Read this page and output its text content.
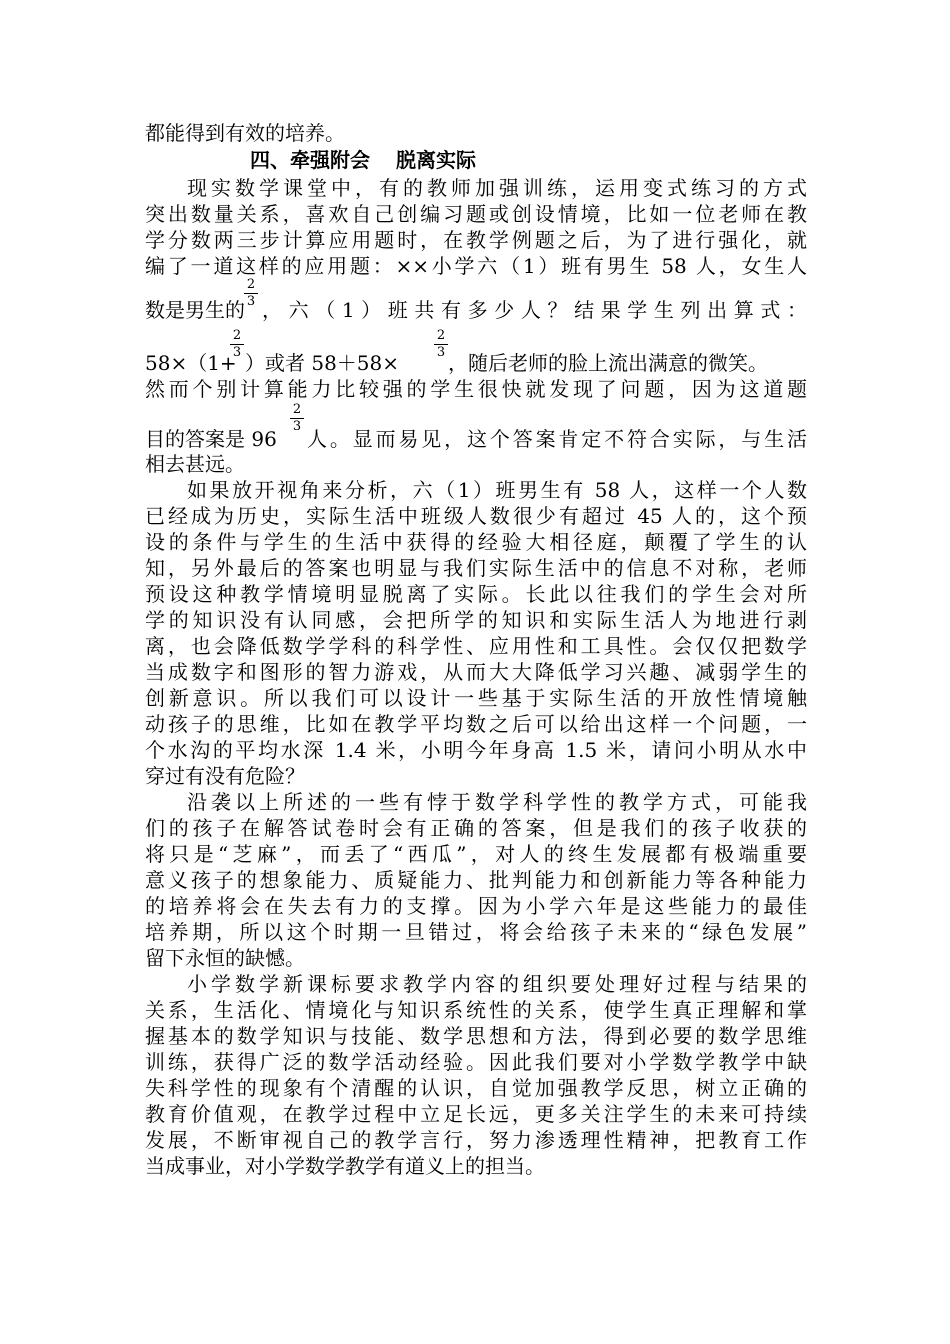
都能得到有效的培养。
四、牵强附会 脱离实际
现实数学课堂中，有的教师加强训练，运用变式练习的方式
突出数量关系，喜欢自己创编习题或创设情境，比如一位老师在教
学分数两三步计算应用题时，在教学例题之后，为了进行强化，就
编了一道这样的应用题：××小学六（1）班有男生 58 人，女生人
数是男生的
$\frac{2}{3}$
，六（1）班共有多少人？结果学生列出算式：
58×（1+
$\frac{2}{3}$
）或者 58＋58×
$\frac{2}{3}$
，随后老师的脸上流出满意的微笑。
然而个别计算能力比较强的学生很快就发现了问题，因为这道题
目的答案是 96
$\frac{2}{3}$
人。显而易见，这个答案肯定不符合实际，与生活
相去甚远。
如果放开视角来分析，六（1）班男生有 58 人，这样一个人数
已经成为历史，实际生活中班级人数很少有超过 45 人的，这个预
设的条件与学生的生活中获得的经验大相径庭，颠覆了学生的认
知，另外最后的答案也明显与我们实际生活中的信息不对称，老师
预设这种教学情境明显脱离了实际。长此以往我们的学生会对所
学的知识没有认同感，会把所学的知识和实际生活人为地进行剥
离，也会降低数学学科的科学性、应用性和工具性。会仅仅把数学
当成数字和图形的智力游戏，从而大大降低学习兴趣、减弱学生的
创新意识。所以我们可以设计一些基于实际生活的开放性情境触
动孩子的思维，比如在教学平均数之后可以给出这样一个问题，一
个水沟的平均水深 1.4 米，小明今年身高 1.5 米，请问小明从水中
穿过有没有危险？
沿袭以上所述的一些有悖于数学科学性的教学方式，可能我
们的孩子在解答试卷时会有正确的答案，但是我们的孩子收获的
将只是“芝麻”，而丢了“西瓜”，对人的终生发展都有极端重要
意义孩子的想象能力、质疑能力、批判能力和创新能力等各种能力
的培养将会在失去有力的支撑。因为小学六年是这些能力的最佳
培养期，所以这个时期一旦错过，将会给孩子未来的“绿色发展”
留下永恒的缺憾。
小学数学新课标要求教学内容的组织要处理好过程与结果的
关系，生活化、情境化与知识系统性的关系，使学生真正理解和掌
握基本的数学知识与技能、数学思想和方法，得到必要的数学思维
训练，获得广泛的数学活动经验。因此我们要对小学数学教学中缺
失科学性的现象有个清醒的认识，自觉加强教学反思，树立正确的
教育价值观，在教学过程中立足长远，更多关注学生的未来可持续
发展，不断审视自己的教学言行，努力渗透理性精神，把教育工作
当成事业，对小学数学教学有道义上的担当。
